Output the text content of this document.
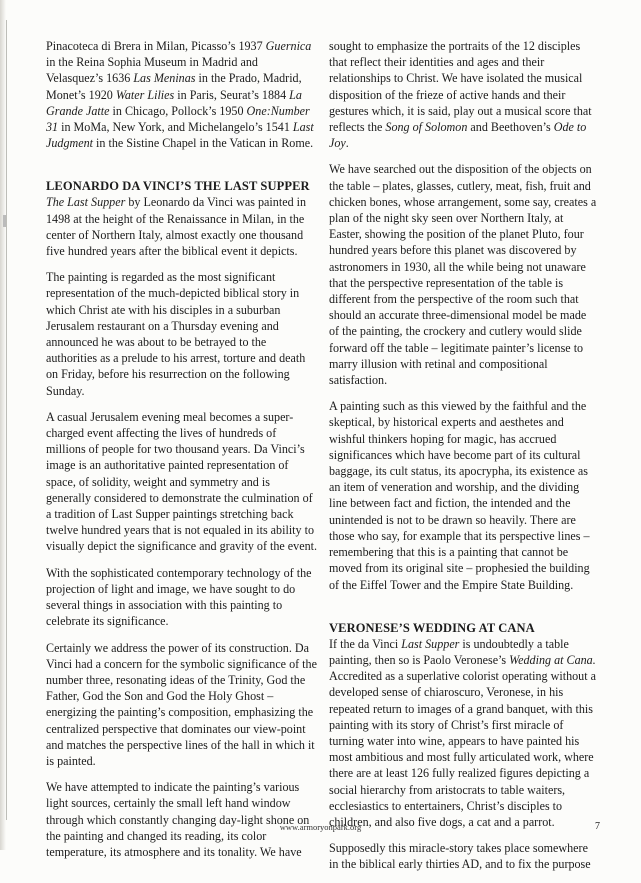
Pinacoteca di Brera in Milan, Picasso’s 1937 Guernica in the Reina Sophia Museum in Madrid and Velasquez’s 1636 Las Meninas in the Prado, Madrid, Monet’s 1920 Water Lilies in Paris, Seurat’s 1884 La Grande Jatte in Chicago, Pollock’s 1950 One:Number 31 in MoMa, New York, and Michelangelo’s 1541 Last Judgment in the Sistine Chapel in the Vatican in Rome.

LEONARDO DA VINCI’S THE LAST SUPPER

The Last Supper by Leonardo da Vinci was painted in 1498 at the height of the Renaissance in Milan, in the center of Northern Italy, almost exactly one thousand five hundred years after the biblical event it depicts.

The painting is regarded as the most significant representation of the much-depicted biblical story in which Christ ate with his disciples in a suburban Jerusalem restaurant on a Thursday evening and announced he was about to be betrayed to the authorities as a prelude to his arrest, torture and death on Friday, before his resurrection on the following Sunday.

A casual Jerusalem evening meal becomes a super-charged event affecting the lives of hundreds of millions of people for two thousand years. Da Vinci’s image is an authoritative painted representation of space, of solidity, weight and symmetry and is generally considered to demonstrate the culmination of a tradition of Last Supper paintings stretching back twelve hundred years that is not equaled in its ability to visually depict the significance and gravity of the event.

With the sophisticated contemporary technology of the projection of light and image, we have sought to do several things in association with this painting to celebrate its significance.

Certainly we address the power of its construction. Da Vinci had a concern for the symbolic significance of the number three, resonating ideas of the Trinity, God the Father, God the Son and God the Holy Ghost – energizing the painting’s composition, emphasizing the centralized perspective that dominates our view-point and matches the perspective lines of the hall in which it is painted.

We have attempted to indicate the painting’s various light sources, certainly the small left hand window through which constantly changing day-light shone on the painting and changed its reading, its color temperature, its atmosphere and its tonality. We have

sought to emphasize the portraits of the 12 disciples that reflect their identities and ages and their relationships to Christ. We have isolated the musical disposition of the frieze of active hands and their gestures which, it is said, play out a musical score that reflects the Song of Solomon and Beethoven’s Ode to Joy.

We have searched out the disposition of the objects on the table – plates, glasses, cutlery, meat, fish, fruit and chicken bones, whose arrangement, some say, creates a plan of the night sky seen over Northern Italy, at Easter, showing the position of the planet Pluto, four hundred years before this planet was discovered by astronomers in 1930, all the while being not unaware that the perspective representation of the table is different from the perspective of the room such that should an accurate three-dimensional model be made of the painting, the crockery and cutlery would slide forward off the table – legitimate painter’s license to marry illusion with retinal and compositional satisfaction.

A painting such as this viewed by the faithful and the skeptical, by historical experts and aesthetes and wishful thinkers hoping for magic, has accrued significances which have become part of its cultural baggage, its cult status, its apocrypha, its existence as an item of veneration and worship, and the dividing line between fact and fiction, the intended and the unintended is not to be drawn so heavily. There are those who say, for example that its perspective lines – remembering that this is a painting that cannot be moved from its original site – prophesied the building of the Eiffel Tower and the Empire State Building.

VERONESE’S WEDDING AT CANA

If the da Vinci Last Supper is undoubtedly a table painting, then so is Paolo Veronese’s Wedding at Cana. Accredited as a superlative colorist operating without a developed sense of chiaroscuro, Veronese, in his repeated return to images of a grand banquet, with this painting with its story of Christ’s first miracle of turning water into wine, appears to have painted his most ambitious and most fully articulated work, where there are at least 126 fully realized figures depicting a social hierarchy from aristocrats to table waiters, ecclesiastics to entertainers, Christ’s disciples to children, and also five dogs, a cat and a parrot.

Supposedly this miracle-story takes place somewhere in the biblical early thirties AD, and to fix the purpose

www.armoryonpark.org	7
